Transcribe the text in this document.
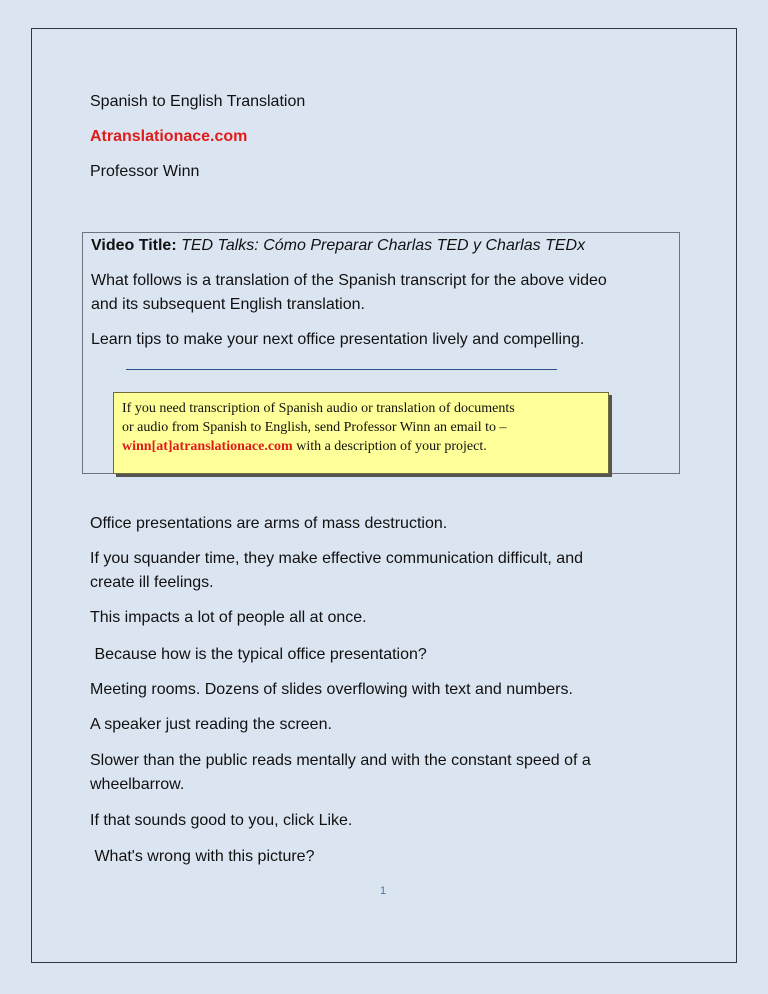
Spanish to English Translation

Atranslationace.com

Professor Winn

Video Title: TED Talks: Cómo Preparar Charlas TED y Charlas TEDx

What follows is a translation of the Spanish transcript for the above video

and its subsequent English translation.

Learn tips to make your next office presentation lively and compelling.

If you need transcription of Spanish audio or translation of documents

or audio from Spanish to English, send Professor Winn an email to –

winn[at]atranslationace.com with a description of your project.

Office presentations are arms of mass destruction.

If you squander time, they make effective communication difficult, and

create ill feelings.

This impacts a lot of people all at once.

Because how is the typical office presentation?

Meeting rooms. Dozens of slides overflowing with text and numbers.

A speaker just reading the screen.

Slower than the public reads mentally and with the constant speed of a

wheelbarrow.

If that sounds good to you, click Like.

What's wrong with this picture?

1
